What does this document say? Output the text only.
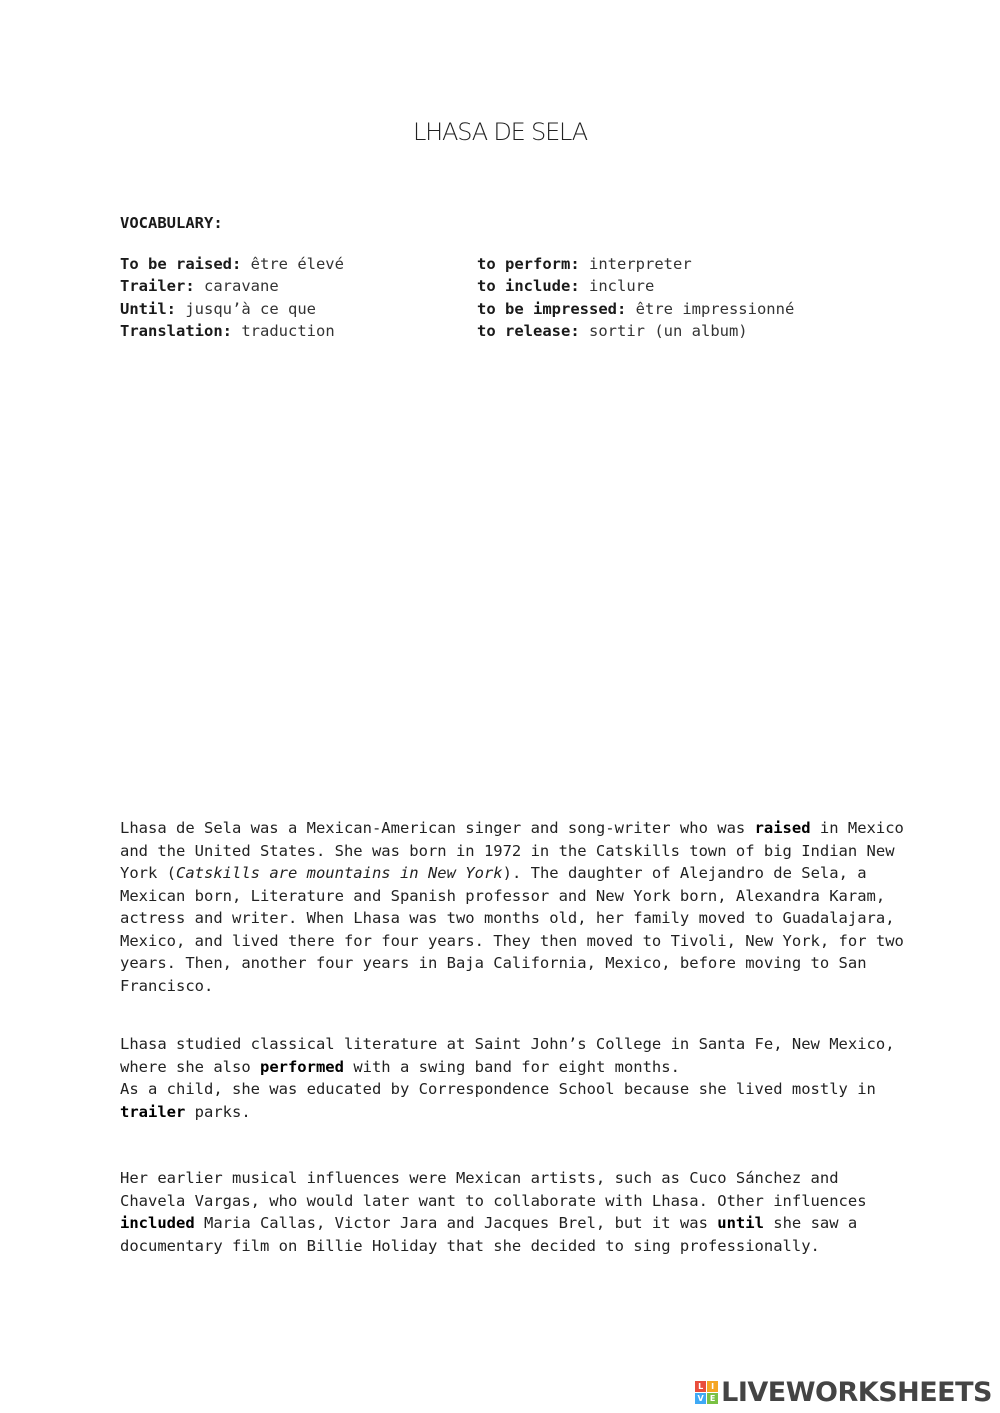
LHASA DE SELA
VOCABULARY:
To be raised: être élevé
Trailer: caravane
Until: jusqu’à ce que
Translation: traduction
to perform: interpreter
to include: inclure
to be impressed: être impressionné
to release: sortir (un album)

Lhasa de Sela was a Mexican-American singer and song-writer who was raised in Mexico and the United States. She was born in 1972 in the Catskills town of big Indian New York (Catskills are mountains in New York). The daughter of Alejandro de Sela, a Mexican born, Literature and Spanish professor and New York born, Alexandra Karam, actress and writer. When Lhasa was two months old, her family moved to Guadalajara, Mexico, and lived there for four years. They then moved to Tivoli, New York, for two years. Then, another four years in Baja California, Mexico, before moving to San Francisco.

Lhasa studied classical literature at Saint John’s College in Santa Fe, New Mexico, where she also performed with a swing band for eight months.

As a child, she was educated by Correspondence School because she lived mostly in trailer parks.

Her earlier musical influences were Mexican artists, such as Cuco Sánchez and Chavela Vargas, who would later want to collaborate with Lhasa. Other influences included Maria Callas, Victor Jara and Jacques Brel, but it was until she saw a documentary film on Billie Holiday that she decided to sing professionally.

L I
V E LIVEWORKSHEETS
